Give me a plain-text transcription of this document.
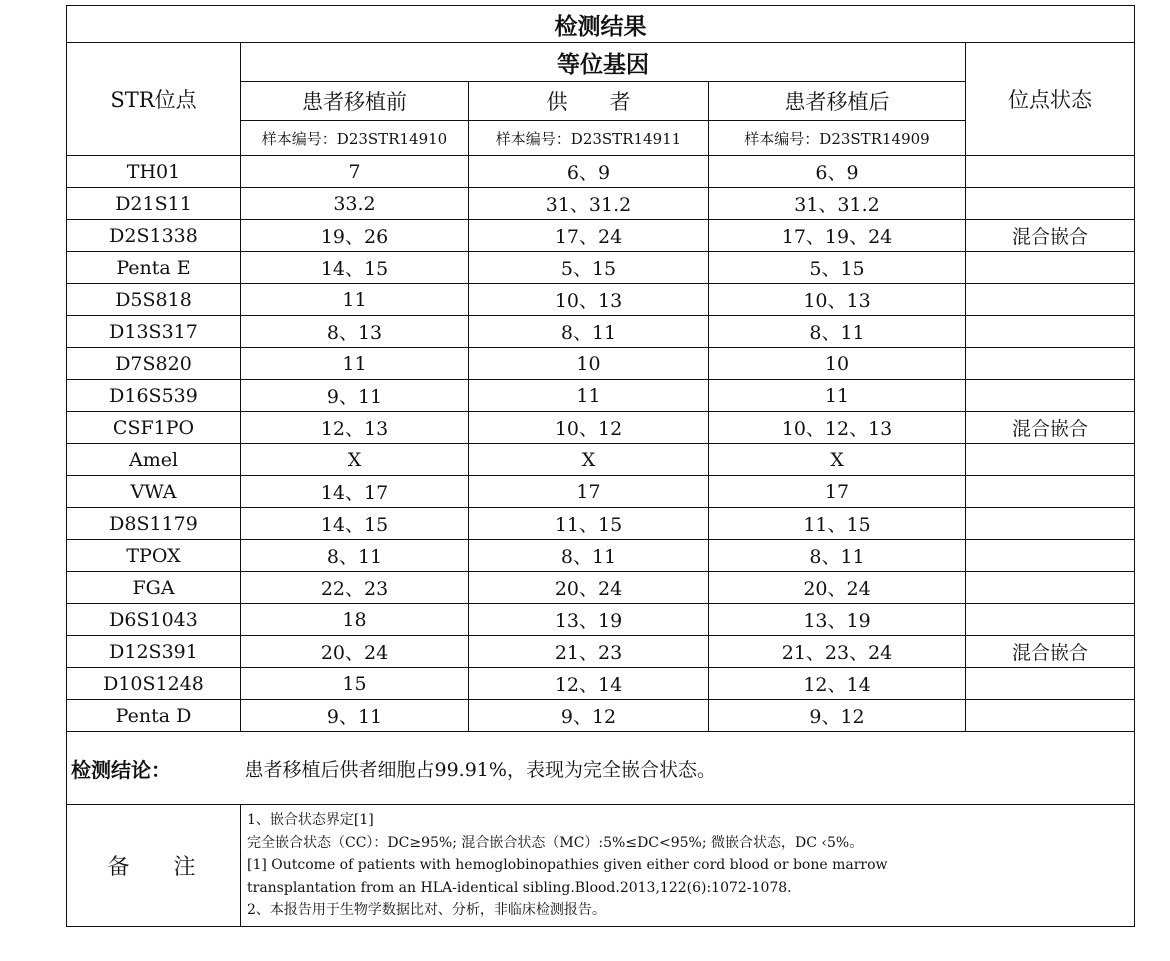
检测结果				
STR位点	等位基因			位点状态
	患者移植前	供　　者	患者移植后	
	样本编号：D23STR14910	样本编号：D23STR14911	样本编号：D23STR14909	
TH01	7	6、9	6、9	
D21S11	33.2	31、31.2	31、31.2	
D2S1338	19、26	17、24	17、19、24	混合嵌合
Penta E	14、15	5、15	5、15	
D5S818	11	10、13	10、13	
D13S317	8、13	8、11	8、11	
D7S820	11	10	10	
D16S539	9、11	11	11	
CSF1PO	12、13	10、12	10、12、13	混合嵌合
Amel	X	X	X	
VWA	14、17	17	17	
D8S1179	14、15	11、15	11、15	
TPOX	8、11	8、11	8、11	
FGA	22、23	20、24	20、24	
D6S1043	18	13、19	13、19	
D12S391	20、24	21、23	21、23、24	混合嵌合
D10S1248	15	12、14	12、14	
Penta D	9、11	9、12	9、12	
检测结论：	患者移植后供者细胞占99.91%，表现为完全嵌合状态。			
备注	1、嵌合状态界定[1]
完全嵌合状态（CC）：DC≥95%; 混合嵌合状态（MC）:5%≤DC<95%; 微嵌合状态，DC ‹5%。
[1] Outcome of patients with hemoglobinopathies given either cord blood or bone marrow
transplantation from an HLA-identical sibling.Blood.2013,122(6):1072-1078.
2、本报告用于生物学数据比对、分析，非临床检测报告。			
